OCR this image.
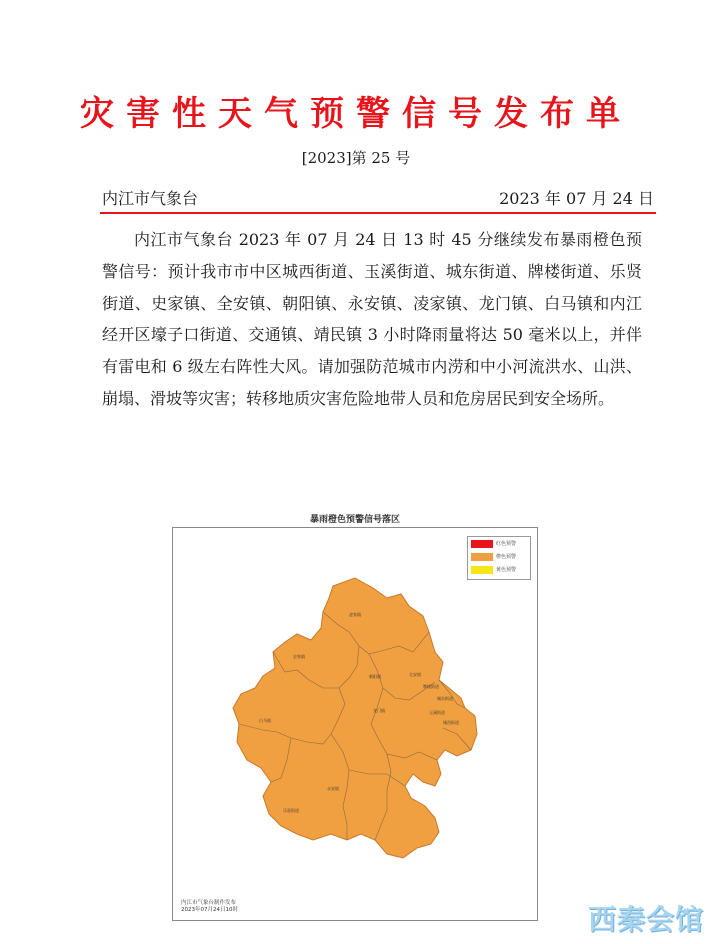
灾害性天气预警信号发布单
[2023]第 25 号
内江市气象台	2023 年 07 月 24 日

内江市气象台 2023 年 07 月 24 日 13 时 45 分继续发布暴雨橙色预警信号：预计我市市中区城西街道、玉溪街道、城东街道、牌楼街道、乐贤街道、史家镇、全安镇、朝阳镇、永安镇、凌家镇、龙门镇、白马镇和内江经开区壕子口街道、交通镇、靖民镇 3 小时降雨量将达 50 毫米以上，并伴有雷电和 6 级左右阵性大风。请加强防范城市内涝和中小河流洪水、山洪、崩塌、滑坡等灾害；转移地质灾害危险地带人员和危房居民到安全场所。

暴雨橙色预警信号落区
凌家镇
史家镇
朝阳镇	全安镇
牌楼街道
城东街道
玉溪街道
城西街道
白马镇
龙门镇
永安镇
乐贤街道
红色预警
橙色预警
黄色预警
内江市气象台制作发布
2023年07月24日10时	西秦会馆
